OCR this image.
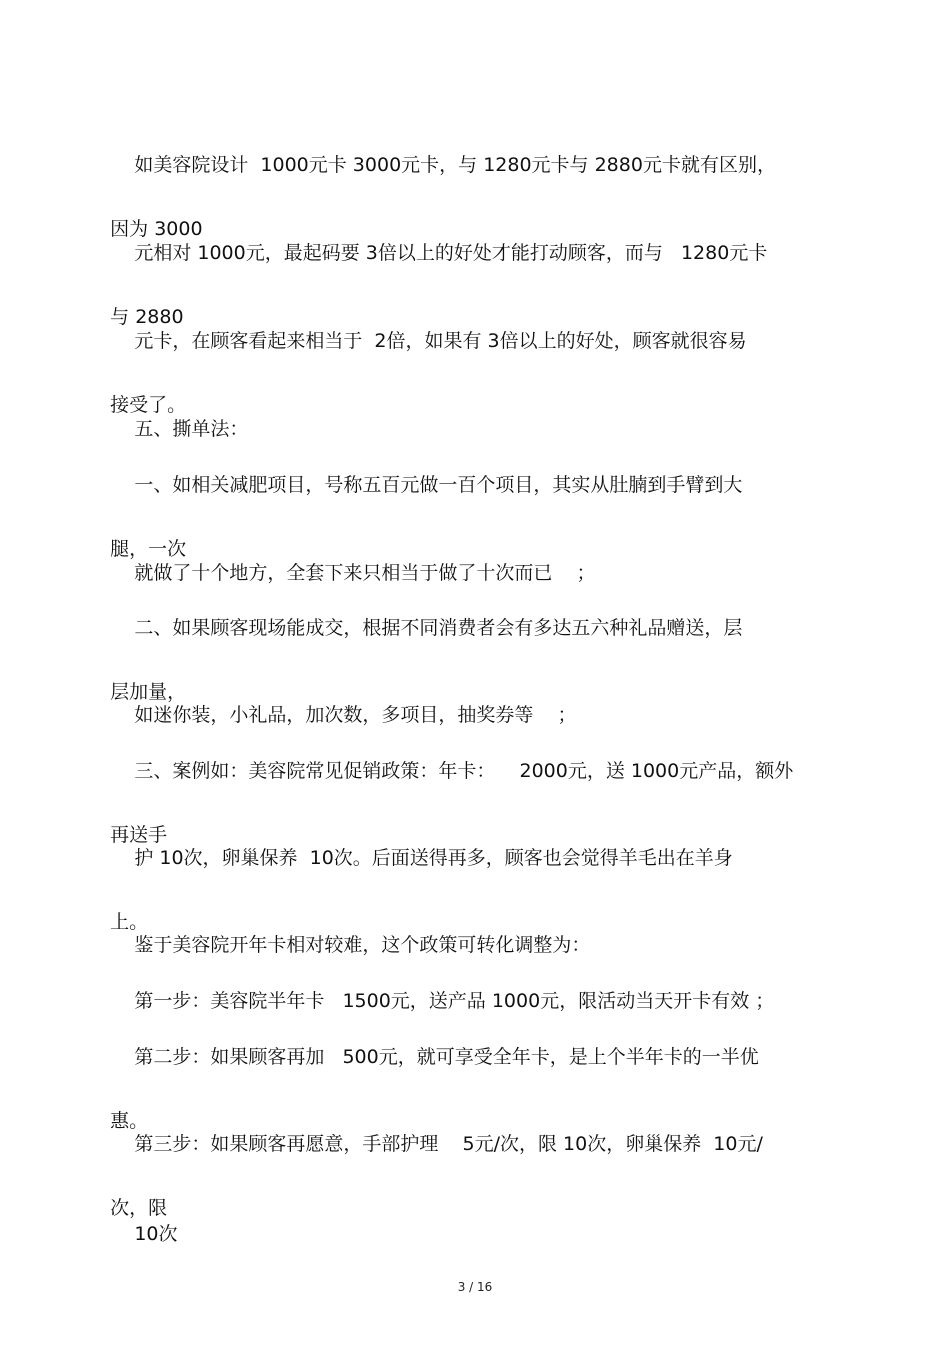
如美容院设计  1000元卡 3000元卡，与 1280元卡与 2880元卡就有区别，

因为 3000

元相对 1000元，最起码要 3倍以上的好处才能打动顾客，而与   1280元卡

与 2880

元卡，在顾客看起来相当于  2倍，如果有 3倍以上的好处，顾客就很容易

接受了。

五、撕单法：

一、如相关减肥项目，号称五百元做一百个项目，其实从肚腩到手臂到大

腿，一次

就做了十个地方，全套下来只相当于做了十次而已    ；

二、如果顾客现场能成交，根据不同消费者会有多达五六种礼品赠送，层

层加量，

如迷你装，小礼品，加次数，多项目，抽奖券等    ；

三、案例如：美容院常见促销政策：年卡：    2000元，送 1000元产品，额外

再送手

护 10次，卵巢保养  10次。后面送得再多，顾客也会觉得羊毛出在羊身

上。

鉴于美容院开年卡相对较难，这个政策可转化调整为：

第一步：美容院半年卡   1500元，送产品 1000元，限活动当天开卡有效 ；

第二步：如果顾客再加   500元，就可享受全年卡，是上个半年卡的一半优

惠。

第三步：如果顾客再愿意，手部护理    5元/次，限 10次，卵巢保养  10元/

次，限

10次

3 / 16
